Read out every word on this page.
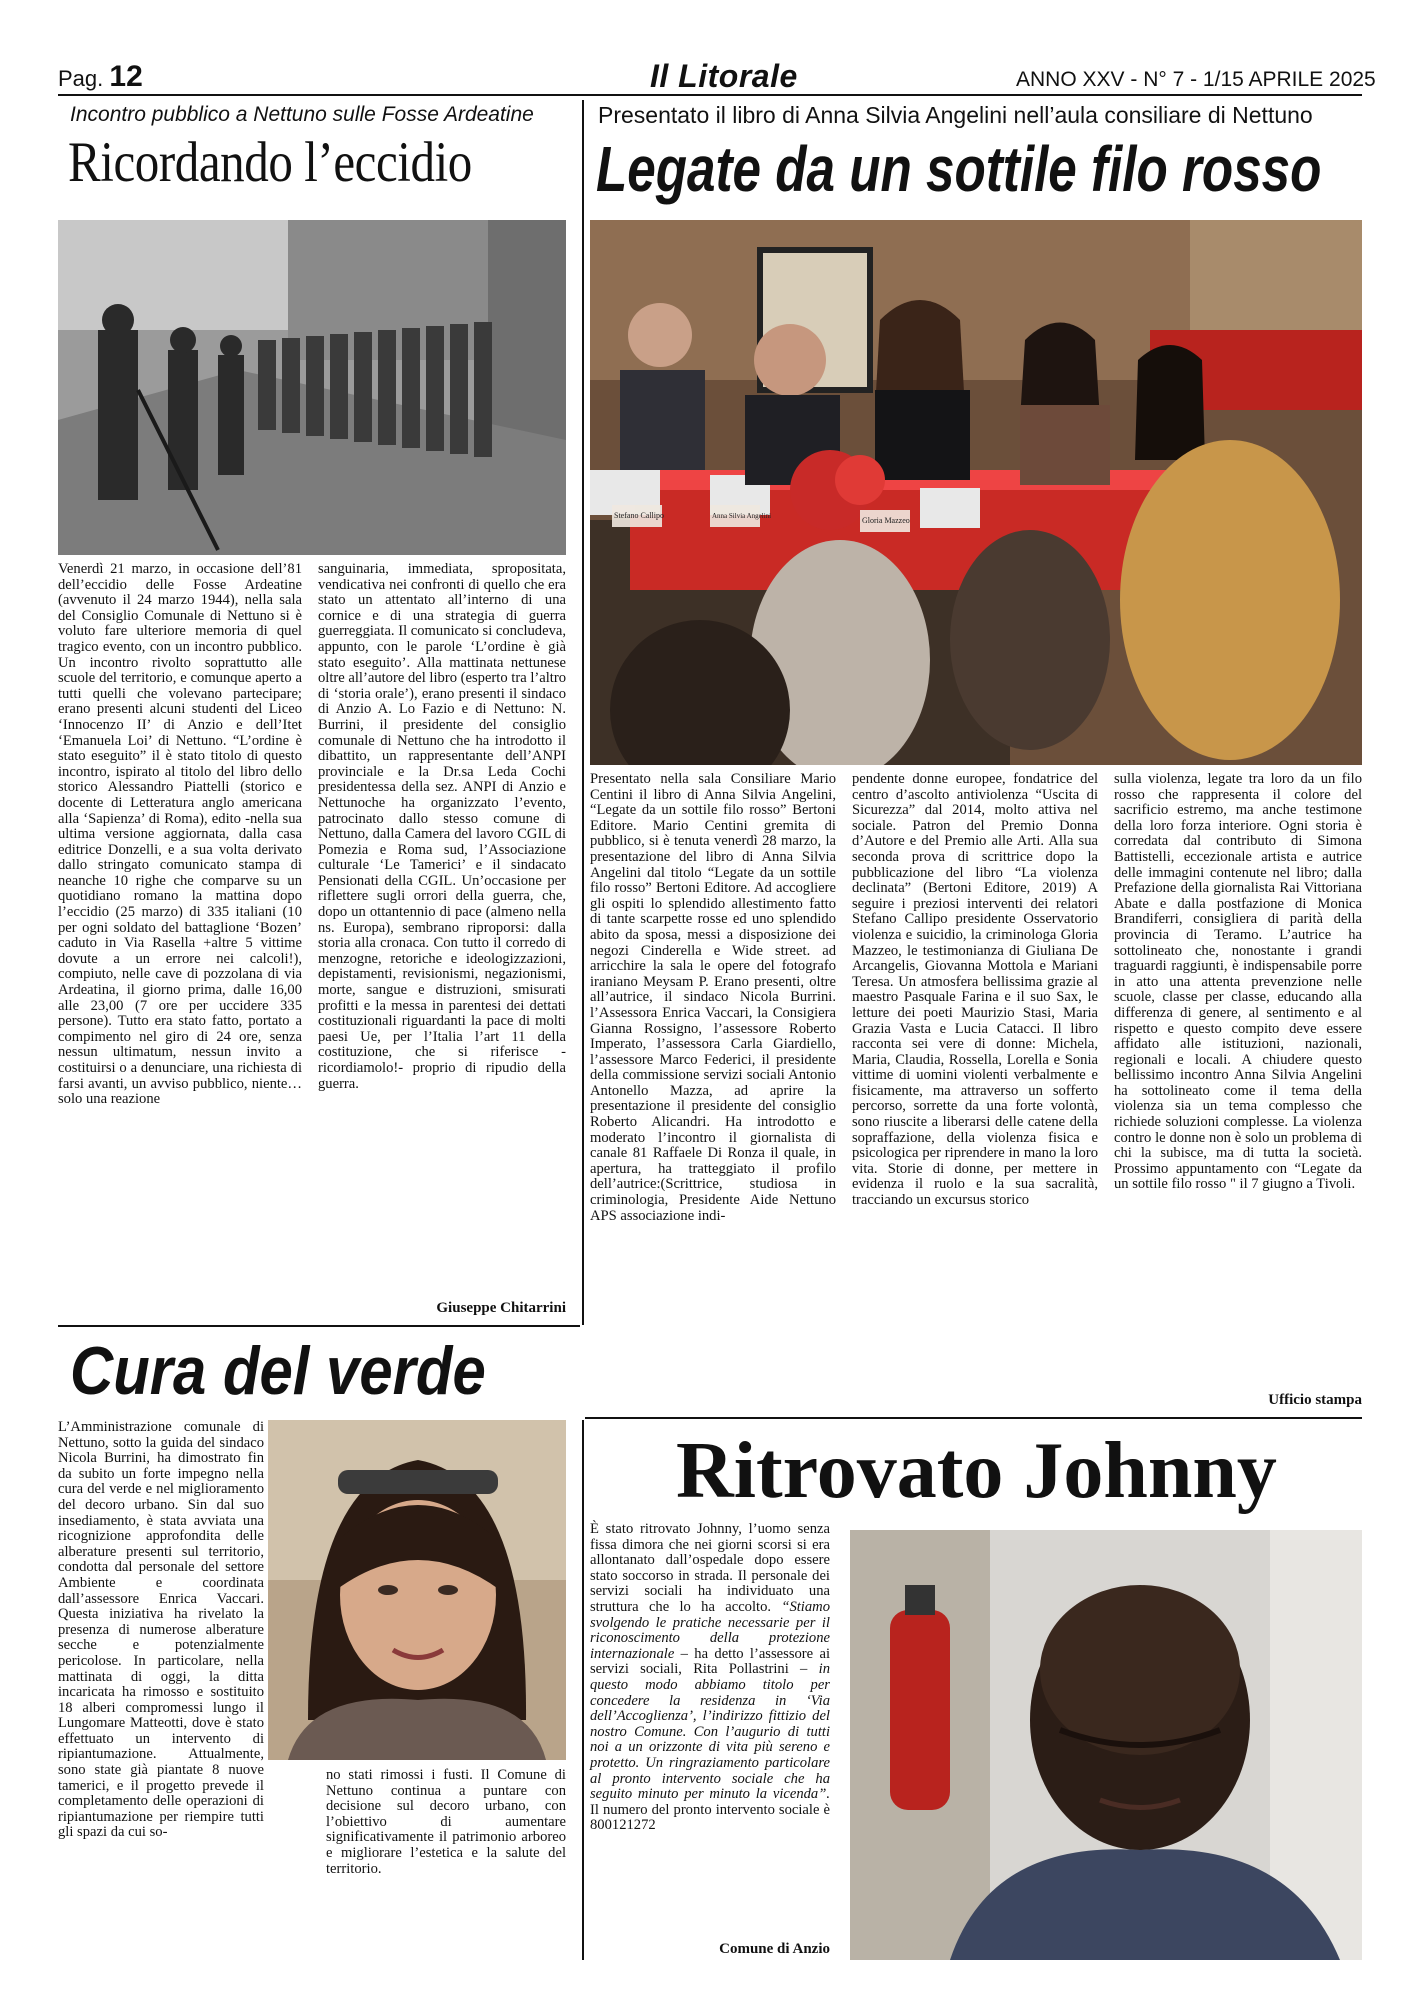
Pag. 12	Il Litorale	ANNO XXV - N° 7 - 1/15 APRILE 2025
Incontro pubblico a Nettuno sulle Fosse Ardeatine
Ricordando l’eccidio
Venerdì 21 marzo, in occasione dell’81 dell’eccidio delle Fosse Ardeatine (avvenuto il 24 marzo 1944), nella sala del Consiglio Comunale di Nettuno si è voluto fare ulteriore memoria di quel tragico evento, con un incontro pubblico. Un incontro rivolto soprattutto alle scuole del territorio, e comunque aperto a tutti quelli che volevano partecipare; erano presenti alcuni studenti del Liceo ‘Innocenzo II’ di Anzio e dell’Itet ‘Emanuela Loi’ di Nettuno. “L’ordine è stato eseguito” il è stato titolo di questo incontro, ispirato al titolo del libro dello storico Alessandro Piattelli (storico e docente di Letteratura anglo americana alla ‘Sapienza’ di Roma), edito -nella sua ultima versione aggiornata, dalla casa editrice Donzelli, e a sua volta derivato dallo stringato comunicato stampa di neanche 10 righe che comparve su un quotidiano romano la mattina dopo l’eccidio (25 marzo) di 335 italiani (10 per ogni soldato del battaglione ‘Bozen’ caduto in Via Rasella +altre 5 vittime dovute a un errore nei calcoli!), compiuto, nelle cave di pozzolana di via Ardeatina, il giorno prima, dalle 16,00 alle 23,00 (7 ore per uccidere 335 persone). Tutto era stato fatto, portato a compimento nel giro di 24 ore, senza nessun ultimatum, nessun invito a costituirsi o a denunciare, una richiesta di farsi avanti, un avviso pubblico, niente… solo una reazione
sanguinaria, immediata, spropositata, vendicativa nei confronti di quello che era stato un attentato all’interno di una cornice e di una strategia di guerra guerreggiata. Il comunicato si concludeva, appunto, con le parole ‘L’ordine è già stato eseguito’. Alla mattinata nettunese oltre all’autore del libro (esperto tra l’altro di ‘storia orale’), erano presenti il sindaco di Anzio A. Lo Fazio e di Nettuno: N. Burrini, il presidente del consiglio comunale di Nettuno che ha introdotto il dibattito, un rappresentante dell’ANPI provinciale e la Dr.sa Leda Cochi presidentessa della sez. ANPI di Anzio e Nettunoche ha organizzato l’evento, patrocinato dallo stesso comune di Nettuno, dalla Camera del lavoro CGIL di Pomezia e Roma sud, l’Associazione culturale ‘Le Tamerici’ e il sindacato Pensionati della CGIL. Un’occasione per riflettere sugli orrori della guerra, che, dopo un ottantennio di pace (almeno nella ns. Europa), sembrano riproporsi: dalla storia alla cronaca. Con tutto il corredo di menzogne, retoriche e ideologizzazioni, depistamenti, revisionismi, negazionismi, morte, sangue e distruzioni, smisurati profitti e la messa in parentesi dei dettati costituzionali riguardanti la pace di molti paesi Ue, per l’Italia l’art 11 della costituzione, che si riferisce -ricordiamolo!- proprio di ripudio della guerra.
Giuseppe Chitarrini
Presentato il libro di Anna Silvia Angelini nell’aula consiliare di Nettuno
Legate da un sottile filo rosso
Stefano Callipo	Anna Silvia Angelini	Gloria Mazzeo
Presentato nella sala Consiliare Mario Centini il libro di Anna Silvia Angelini, “Legate da un sottile filo rosso” Bertoni Editore. Mario Centini gremita di pubblico, si è tenuta venerdì 28 marzo, la presentazione del libro di Anna Silvia Angelini dal titolo “Legate da un sottile filo rosso” Bertoni Editore. Ad accogliere gli ospiti lo splendido allestimento fatto di tante scarpette rosse ed uno splendido abito da sposa, messi a disposizione dei negozi Cinderella e Wide street. ad arricchire la sala le opere del fotografo iraniano Meysam P. Erano presenti, oltre all’autrice, il sindaco Nicola Burrini. l’Assessora Enrica Vaccari, la Consigiera Gianna Rossigno, l’assessore Roberto Imperato, l’assessora Carla Giardiello, l’assessore Marco Federici, il presidente della commissione servizi sociali Antonio Antonello Mazza, ad aprire la presentazione il presidente del consiglio Roberto Alicandri. Ha introdotto e moderato l’incontro il giornalista di canale 81 Raffaele Di Ronza il quale, in apertura, ha tratteggiato il profilo dell’autrice:(Scrittrice, studiosa in criminologia, Presidente Aide Nettuno APS associazione indi-
pendente donne europee, fondatrice del centro d’ascolto antiviolenza “Uscita di Sicurezza” dal 2014, molto attiva nel sociale. Patron del Premio Donna d’Autore e del Premio alle Arti. Alla sua seconda prova di scrittrice dopo la pubblicazione del libro “La violenza declinata” (Bertoni Editore, 2019) A seguire i preziosi interventi dei relatori Stefano Callipo presidente Osservatorio violenza e suicidio, la criminologa Gloria Mazzeo, le testimonianza di Giuliana De Arcangelis, Giovanna Mottola e Mariani Teresa. Un atmosfera bellissima grazie al maestro Pasquale Farina e il suo Sax, le letture dei poeti Maurizio Stasi, Maria Grazia Vasta e Lucia Catacci. Il libro racconta sei vere di donne: Michela, Maria, Claudia, Rossella, Lorella e Sonia vittime di uomini violenti verbalmente e fisicamente, ma attraverso un sofferto percorso, sorrette da una forte volontà, sono riuscite a liberarsi delle catene della sopraffazione, della violenza fisica e psicologica per riprendere in mano la loro vita. Storie di donne, per mettere in evidenza il ruolo e la sua sacralità, tracciando un excursus storico
sulla violenza, legate tra loro da un filo rosso che rappresenta il colore del sacrificio estremo, ma anche testimone della loro forza interiore. Ogni storia è corredata dal contributo di Simona Battistelli, eccezionale artista e autrice delle immagini contenute nel libro; dalla Prefazione della giornalista Rai Vittoriana Abate e dalla postfazione di Monica Brandiferri, consigliera di parità della provincia di Teramo. L’autrice ha sottolineato che, nonostante i grandi traguardi raggiunti, è indispensabile porre in atto una attenta prevenzione nelle scuole, classe per classe, educando alla differenza di genere, al sentimento e al rispetto e questo compito deve essere affidato alle istituzioni, nazionali, regionali e locali. A chiudere questo bellissimo incontro Anna Silvia Angelini ha sottolineato come il tema della violenza sia un tema complesso che richiede soluzioni complesse. La violenza contro le donne non è solo un problema di chi la subisce, ma di tutta la società. Prossimo appuntamento con “Legate da un sottile filo rosso " il 7 giugno a Tivoli.
Ufficio stampa
Cura del verde
L’Amministrazione comunale di Nettuno, sotto la guida del sindaco Nicola Burrini, ha dimostrato fin da subito un forte impegno nella cura del verde e nel miglioramento del decoro urbano. Sin dal suo insediamento, è stata avviata una ricognizione approfondita delle alberature presenti sul territorio, condotta dal personale del settore Ambiente e coordinata dall’assessore Enrica Vaccari. Questa iniziativa ha rivelato la presenza di numerose alberature secche e potenzialmente pericolose. In particolare, nella mattinata di oggi, la ditta incaricata ha rimosso e sostituito 18 alberi compromessi lungo il Lungomare Matteotti, dove è stato effettuato un intervento di ripiantumazione. Attualmente, sono state già piantate 8 nuove tamerici, e il progetto prevede il completamento delle operazioni di ripiantumazione per riempire tutti gli spazi da cui so-
no stati rimossi i fusti. Il Comune di Nettuno continua a puntare con decisione sul decoro urbano, con l’obiettivo di aumentare significativamente il patrimonio arboreo e migliorare l’estetica e la salute del territorio.
Ritrovato Johnny
È stato ritrovato Johnny, l’uomo senza fissa dimora che nei giorni scorsi si era allontanato dall’ospedale dopo essere stato soccorso in strada. Il personale dei servizi sociali ha individuato una struttura che lo ha accolto. “Stiamo svolgendo le pratiche necessarie per il riconoscimento della protezione internazionale – ha detto l’assessore ai servizi sociali, Rita Pollastrini – in questo modo abbiamo titolo per concedere la residenza in ‘Via dell’Accoglienza’, l’indirizzo fittizio del nostro Comune. Con l’augurio di tutti noi a un orizzonte di vita più sereno e protetto. Un ringraziamento particolare al pronto intervento sociale che ha seguito minuto per minuto la vicenda”. Il numero del pronto intervento sociale è 800121272
Comune di Anzio
